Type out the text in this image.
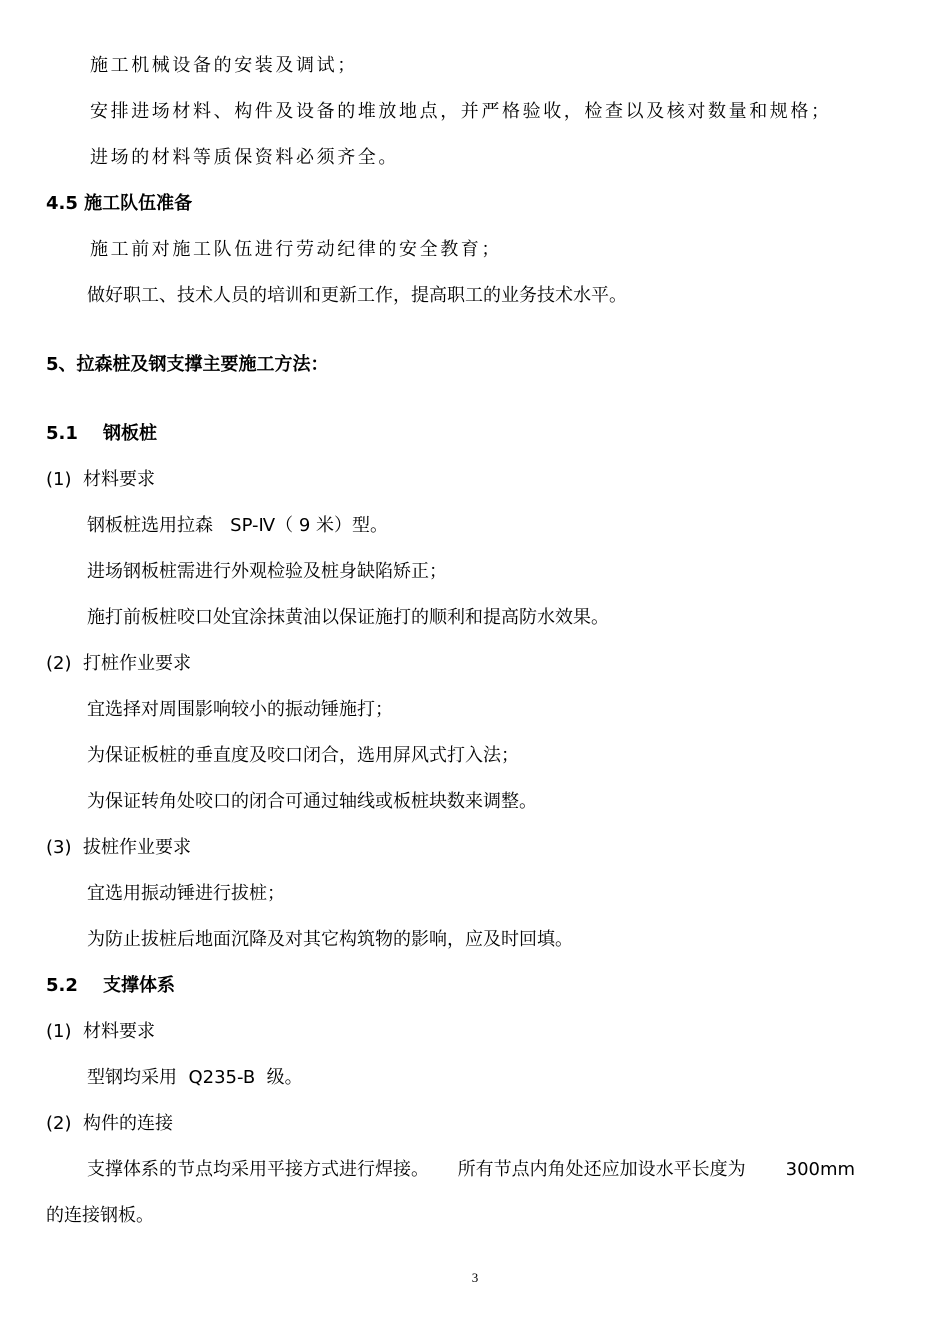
施工机械设备的安装及调试；
安排进场材料、构件及设备的堆放地点，并严格验收，检查以及核对数量和规格；
进场的材料等质保资料必须齐全。
4.5 施工队伍准备
施工前对施工队伍进行劳动纪律的安全教育；
做好职工、技术人员的培训和更新工作，提高职工的业务技术水平。
5、拉森桩及钢支撑主要施工方法：
5.1    钢板桩
(1)  材料要求
钢板桩选用拉森   SP-Ⅳ（ 9 米）型。
进场钢板桩需进行外观检验及桩身缺陷矫正；
施打前板桩咬口处宜涂抹黄油以保证施打的顺利和提高防水效果。
(2)  打桩作业要求
宜选择对周围影响较小的振动锤施打；
为保证板桩的垂直度及咬口闭合，选用屏风式打入法；
为保证转角处咬口的闭合可通过轴线或板桩块数来调整。
(3)  拔桩作业要求
宜选用振动锤进行拔桩；
为防止拔桩后地面沉降及对其它构筑物的影响，应及时回填。
5.2    支撑体系
(1)  材料要求
型钢均采用  Q235-B  级。
(2)  构件的连接
支撑体系的节点均采用平接方式进行焊接。     所有节点内角处还应加设水平长度为       300mm
的连接钢板。
3
